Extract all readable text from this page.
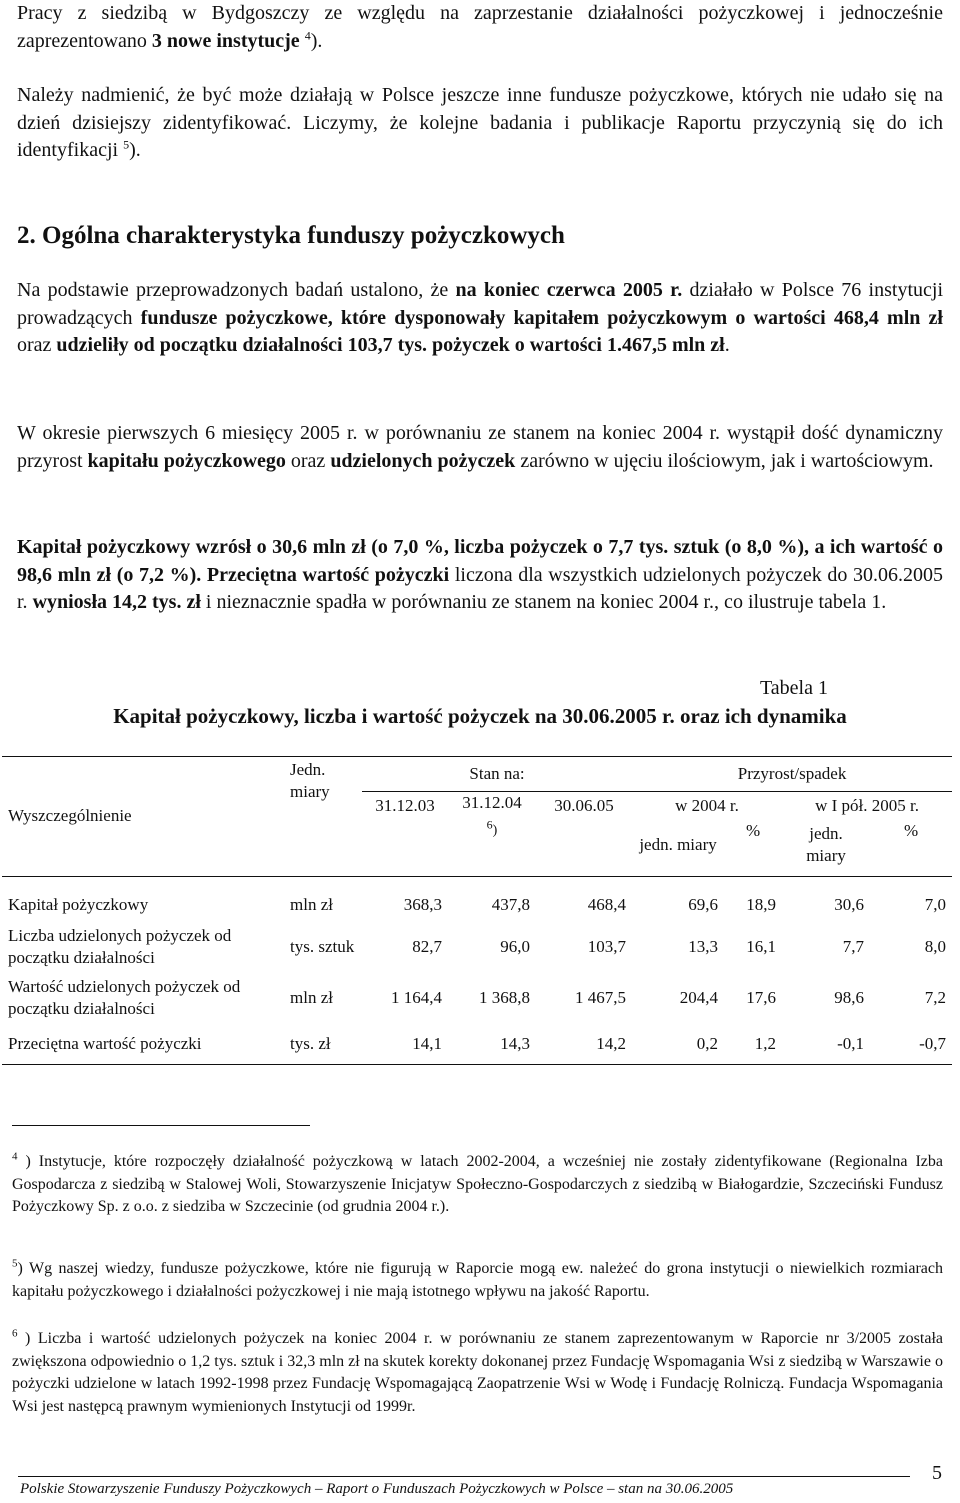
Pracy z siedzibą w Bydgoszczy ze względu na zaprzestanie działalności pożyczkowej i jednocześnie zaprezentowano 3 nowe instytucje $^4$).
Należy nadmienić, że być może działają w Polsce jeszcze inne fundusze pożyczkowe, których nie udało się na dzień dzisiejszy zidentyfikować. Liczymy, że kolejne badania i publikacje Raportu przyczynią się do ich identyfikacji $^5$).
2. Ogólna charakterystyka funduszy pożyczkowych
Na podstawie przeprowadzonych badań ustalono, że na koniec czerwca 2005 r. działało w Polsce 76 instytucji prowadzących fundusze pożyczkowe, które dysponowały kapitałem pożyczkowym o wartości 468,4 mln zł oraz udzieliły od początku działalności 103,7 tys. pożyczek o wartości 1.467,5 mln zł.
W okresie pierwszych 6 miesięcy 2005 r. w porównaniu ze stanem na koniec 2004 r. wystąpił dość dynamiczny przyrost kapitału pożyczkowego oraz udzielonych pożyczek zarówno w ujęciu ilościowym, jak i wartościowym.
Kapitał pożyczkowy wzrósł o 30,6 mln zł (o 7,0 %, liczba pożyczek o 7,7 tys. sztuk (o 8,0 %), a ich wartość o 98,6 mln zł (o 7,2 %). Przeciętna wartość pożyczki liczona dla wszystkich udzielonych pożyczek do 30.06.2005 r. wyniosła 14,2 tys. zł i nieznacznie spadła w porównaniu ze stanem na koniec 2004 r., co ilustruje tabela 1.
Tabela 1
Kapitał pożyczkowy, liczba i wartość pożyczek na 30.06.2005 r. oraz ich dynamika
Wyszczególnienie	Jedn. miary	Stan na:			Przyrost/spadek			
		31.12.03	31.12.04	30.06.05	w 2004 r.		w I pół. 2005 r.	
			$^6$)		jedn. miary	%	jedn. miary	%

Kapitał pożyczkowy	mln zł	368,3	437,8	468,4	69,6	18,9	30,6	7,0
Liczba udzielonych pożyczek od początku działalności	tys. sztuk	82,7	96,0	103,7	13,3	16,1	7,7	8,0
Wartość udzielonych pożyczek od początku działalności	mln zł	1 164,4	1 368,8	1 467,5	204,4	17,6	98,6	7,2
Przeciętna wartość pożyczki	tys. zł	14,1	14,3	14,2	0,2	1,2	-0,1	-0,7
$^4$ ) Instytucje, które rozpoczęły działalność pożyczkową w latach 2002-2004, a wcześniej nie zostały zidentyfikowane (Regionalna Izba Gospodarcza z siedzibą w Stalowej Woli, Stowarzyszenie Inicjatyw Społeczno-Gospodarczych z siedzibą w Białogardzie, Szczeciński Fundusz Pożyczkowy Sp. z o.o. z siedziba w Szczecinie (od grudnia 2004 r.).
$^5$) Wg naszej wiedzy, fundusze pożyczkowe, które nie figurują w Raporcie mogą ew. należeć do grona instytucji o niewielkich rozmiarach kapitału pożyczkowego i działalności pożyczkowej i nie mają istotnego wpływu na jakość Raportu.
$^6$ ) Liczba i wartość udzielonych pożyczek na koniec 2004 r. w porównaniu ze stanem zaprezentowanym w Raporcie nr 3/2005 została zwiększona odpowiednio o 1,2 tys. sztuk i 32,3 mln zł na skutek korekty dokonanej przez Fundację Wspomagania Wsi z siedzibą w Warszawie o pożyczki udzielone w latach 1992-1998 przez Fundację Wspomagającą Zaopatrzenie Wsi w Wodę i Fundację Rolniczą. Fundacja Wspomagania Wsi jest następcą prawnym wymienionych Instytucji od 1999r.
Polskie Stowarzyszenie Funduszy Pożyczkowych – Raport o Funduszach Pożyczkowych w Polsce – stan na 30.06.2005
5
